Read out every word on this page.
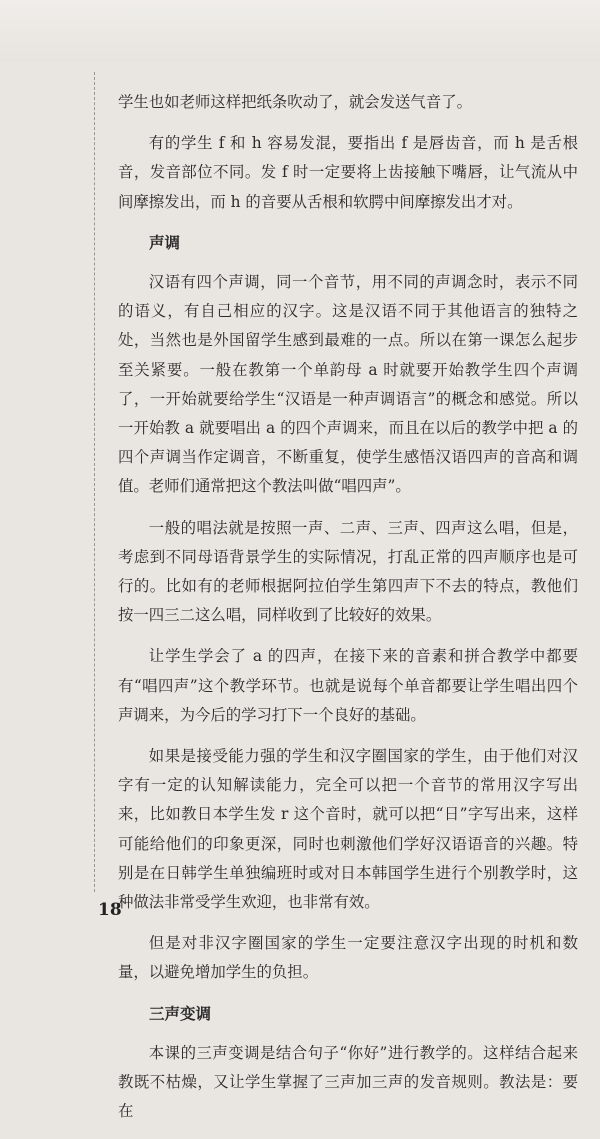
学生也如老师这样把纸条吹动了，就会发送气音了。

有的学生 f 和 h 容易发混，要指出 f 是唇齿音，而 h 是舌根音，发音部位不同。发 f 时一定要将上齿接触下嘴唇，让气流从中间摩擦发出，而 h 的音要从舌根和软腭中间摩擦发出才对。

声调

汉语有四个声调，同一个音节，用不同的声调念时，表示不同的语义，有自己相应的汉字。这是汉语不同于其他语言的独特之处，当然也是外国留学生感到最难的一点。所以在第一课怎么起步至关紧要。一般在教第一个单韵母 a 时就要开始教学生四个声调了，一开始就要给学生“汉语是一种声调语言”的概念和感觉。所以一开始教 a 就要唱出 a 的四个声调来，而且在以后的教学中把 a 的四个声调当作定调音，不断重复，使学生感悟汉语四声的音高和调值。老师们通常把这个教法叫做“唱四声”。

一般的唱法就是按照一声、二声、三声、四声这么唱，但是，考虑到不同母语背景学生的实际情况，打乱正常的四声顺序也是可行的。比如有的老师根据阿拉伯学生第四声下不去的特点，教他们按一四三二这么唱，同样收到了比较好的效果。

让学生学会了 a 的四声，在接下来的音素和拼合教学中都要有“唱四声”这个教学环节。也就是说每个单音都要让学生唱出四个声调来，为今后的学习打下一个良好的基础。

如果是接受能力强的学生和汉字圈国家的学生，由于他们对汉字有一定的认知解读能力，完全可以把一个音节的常用汉字写出来，比如教日本学生发 r 这个音时，就可以把“日”字写出来，这样可能给他们的印象更深，同时也刺激他们学好汉语语音的兴趣。特别是在日韩学生单独编班时或对日本韩国学生进行个别教学时，这种做法非常受学生欢迎，也非常有效。

但是对非汉字圈国家的学生一定要注意汉字出现的时机和数量，以避免增加学生的负担。

三声变调

本课的三声变调是结合句子“你好”进行教学的。这样结合起来教既不枯燥，又让学生掌握了三声加三声的发音规则。教法是：要在

18
